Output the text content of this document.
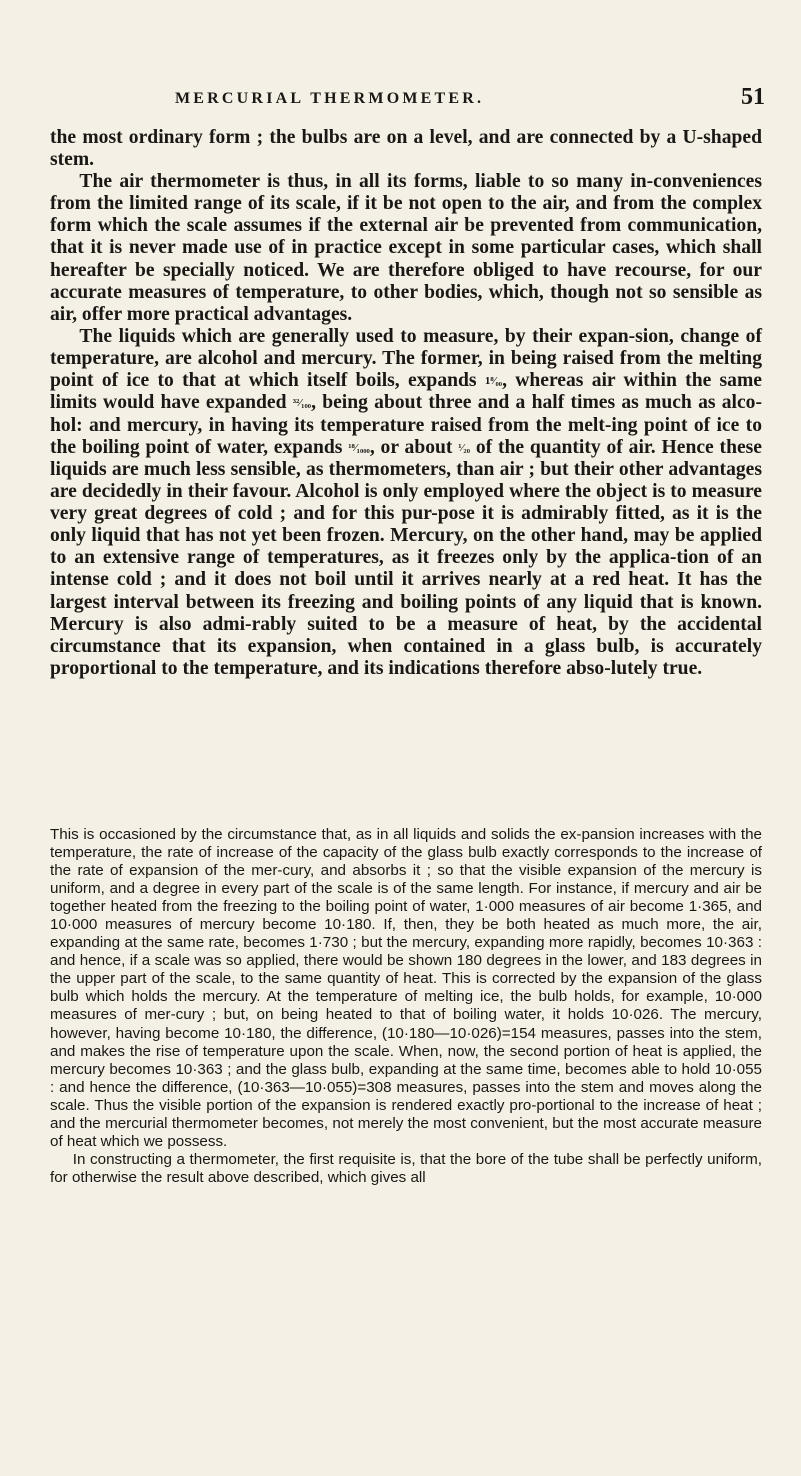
MERCURIAL THERMOMETER.	51

the most ordinary form ; the bulbs are on a level, and are connected by a U-shaped stem.

The air thermometer is thus, in all its forms, liable to so many in-conveniences from the limited range of its scale, if it be not open to the air, and from the complex form which the scale assumes if the external air be prevented from communication, that it is never made use of in practice except in some particular cases, which shall hereafter be specially noticed. We are therefore obliged to have recourse, for our accurate measures of temperature, to other bodies, which, though not so sensible as air, offer more practical advantages.

The liquids which are generally used to measure, by their expan-sion, change of temperature, are alcohol and mercury. The former, in being raised from the melting point of ice to that at which itself boils, expands 1⁸⁄₀₀, whereas air within the same limits would have expanded ³²⁄₁₀₀, being about three and a half times as much as alco-hol: and mercury, in having its temperature raised from the melt-ing point of ice to the boiling point of water, expands ¹⁸⁄₁₀₀₀, or about ¹⁄₂₀ of the quantity of air. Hence these liquids are much less sensible, as thermometers, than air ; but their other advantages are decidedly in their favour. Alcohol is only employed where the object is to measure very great degrees of cold ; and for this pur-pose it is admirably fitted, as it is the only liquid that has not yet been frozen. Mercury, on the other hand, may be applied to an extensive range of temperatures, as it freezes only by the applica-tion of an intense cold ; and it does not boil until it arrives nearly at a red heat. It has the largest interval between its freezing and boiling points of any liquid that is known. Mercury is also admi-rably suited to be a measure of heat, by the accidental circumstance that its expansion, when contained in a glass bulb, is accurately proportional to the temperature, and its indications therefore abso-lutely true.

This is occasioned by the circumstance that, as in all liquids and solids the ex-pansion increases with the temperature, the rate of increase of the capacity of the glass bulb exactly corresponds to the increase of the rate of expansion of the mer-cury, and absorbs it ; so that the visible expansion of the mercury is uniform, and a degree in every part of the scale is of the same length. For instance, if mercury and air be together heated from the freezing to the boiling point of water, 1·000 measures of air become 1·365, and 10·000 measures of mercury become 10·180. If, then, they be both heated as much more, the air, expanding at the same rate, becomes 1·730 ; but the mercury, expanding more rapidly, becomes 10·363 : and hence, if a scale was so applied, there would be shown 180 degrees in the lower, and 183 degrees in the upper part of the scale, to the same quantity of heat. This is corrected by the expansion of the glass bulb which holds the mercury. At the temperature of melting ice, the bulb holds, for example, 10·000 measures of mer-cury ; but, on being heated to that of boiling water, it holds 10·026. The mercury, however, having become 10·180, the difference, (10·180—10·026)=154 measures, passes into the stem, and makes the rise of temperature upon the scale. When, now, the second portion of heat is applied, the mercury becomes 10·363 ; and the glass bulb, expanding at the same time, becomes able to hold 10·055 : and hence the difference, (10·363—10·055)=308 measures, passes into the stem and moves along the scale. Thus the visible portion of the expansion is rendered exactly pro-portional to the increase of heat ; and the mercurial thermometer becomes, not merely the most convenient, but the most accurate measure of heat which we possess.

In constructing a thermometer, the first requisite is, that the bore of the tube shall be perfectly uniform, for otherwise the result above described, which gives all
